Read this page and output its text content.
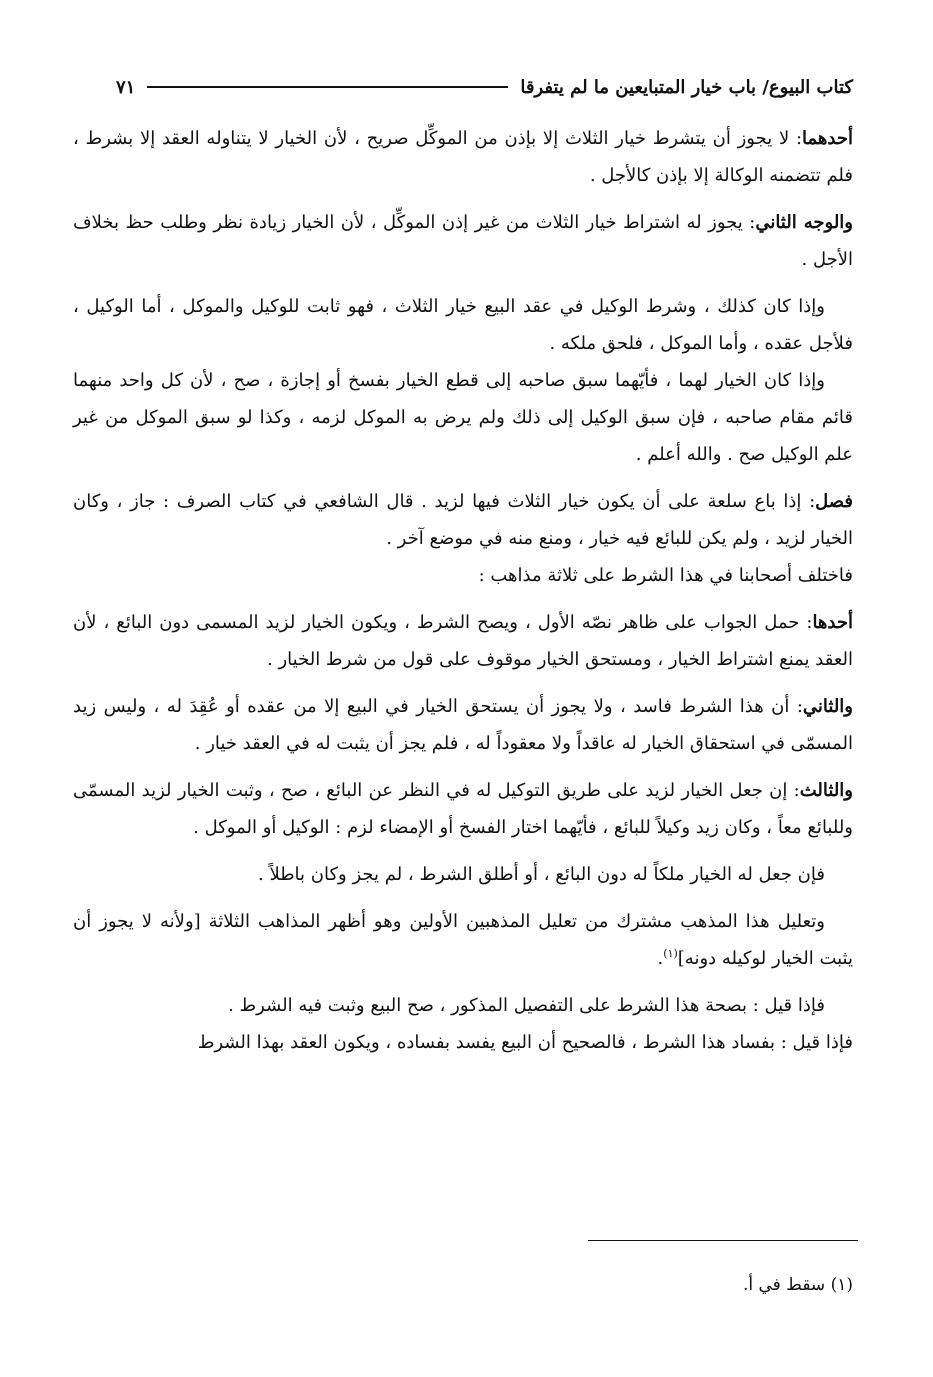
كتاب البيوع/ باب خيار المتبايعين ما لم يتفرقا
٧١

أحدهما: لا يجوز أن يتشرط خيار الثلاث إلا بإذن من الموكِّل صريح ، لأن الخيار لا يتناوله العقد إلا بشرط ، فلم تتضمنه الوكالة إلا بإذن كالأجل .

والوجه الثاني: يجوز له اشتراط خيار الثلاث من غير إذن الموكِّل ، لأن الخيار زيادة نظر وطلب حظ بخلاف الأجل .

وإذا كان كذلك ، وشرط الوكيل في عقد البيع خيار الثلاث ، فهو ثابت للوكيل والموكل ، أما الوكيل ، فلأجل عقده ، وأما الموكل ، فلحق ملكه .

وإذا كان الخيار لهما ، فأيّهما سبق صاحبه إلى قطع الخيار بفسخ أو إجازة ، صح ، لأن كل واحد منهما قائم مقام صاحبه ، فإن سبق الوكيل إلى ذلك ولم يرض به الموكل لزمه ، وكذا لو سبق الموكل من غير علم الوكيل صح . والله أعلم .

فصل: إذا باع سلعة على أن يكون خيار الثلاث فيها لزيد . قال الشافعي في كتاب الصرف : جاز ، وكان الخيار لزيد ، ولم يكن للبائع فيه خيار ، ومنع منه في موضع آخر .

فاختلف أصحابنا في هذا الشرط على ثلاثة مذاهب :

أحدها: حمل الجواب على ظاهر نصّه الأول ، ويصح الشرط ، ويكون الخيار لزيد المسمى دون البائع ، لأن العقد يمنع اشتراط الخيار ، ومستحق الخيار موقوف على قول من شرط الخيار .

والثاني: أن هذا الشرط فاسد ، ولا يجوز أن يستحق الخيار في البيع إلا من عقده أو عُقِدَ له ، وليس زيد المسمّى في استحقاق الخيار له عاقداً ولا معقوداً له ، فلم يجز أن يثبت له في العقد خيار .

والثالث: إن جعل الخيار لزيد على طريق التوكيل له في النظر عن البائع ، صح ، وثبت الخيار لزيد المسمّى وللبائع معاً ، وكان زيد وكيلاً للبائع ، فأيّهما اختار الفسخ أو الإمضاء لزم : الوكيل أو الموكل .

فإن جعل له الخيار ملكاً له دون البائع ، أو أطلق الشرط ، لم يجز وكان باطلاً .

وتعليل هذا المذهب مشترك من تعليل المذهبين الأولين وهو أظهر المذاهب الثلاثة [ولأنه لا يجوز أن يثبت الخيار لوكيله دونه]$^{(١)}$.

فإذا قيل : بصحة هذا الشرط على التفصيل المذكور ، صح البيع وثبت فيه الشرط .

فإذا قيل : بفساد هذا الشرط ، فالصحيح أن البيع يفسد بفساده ، ويكون العقد بهذا الشرط

(١) سقط في أ.
